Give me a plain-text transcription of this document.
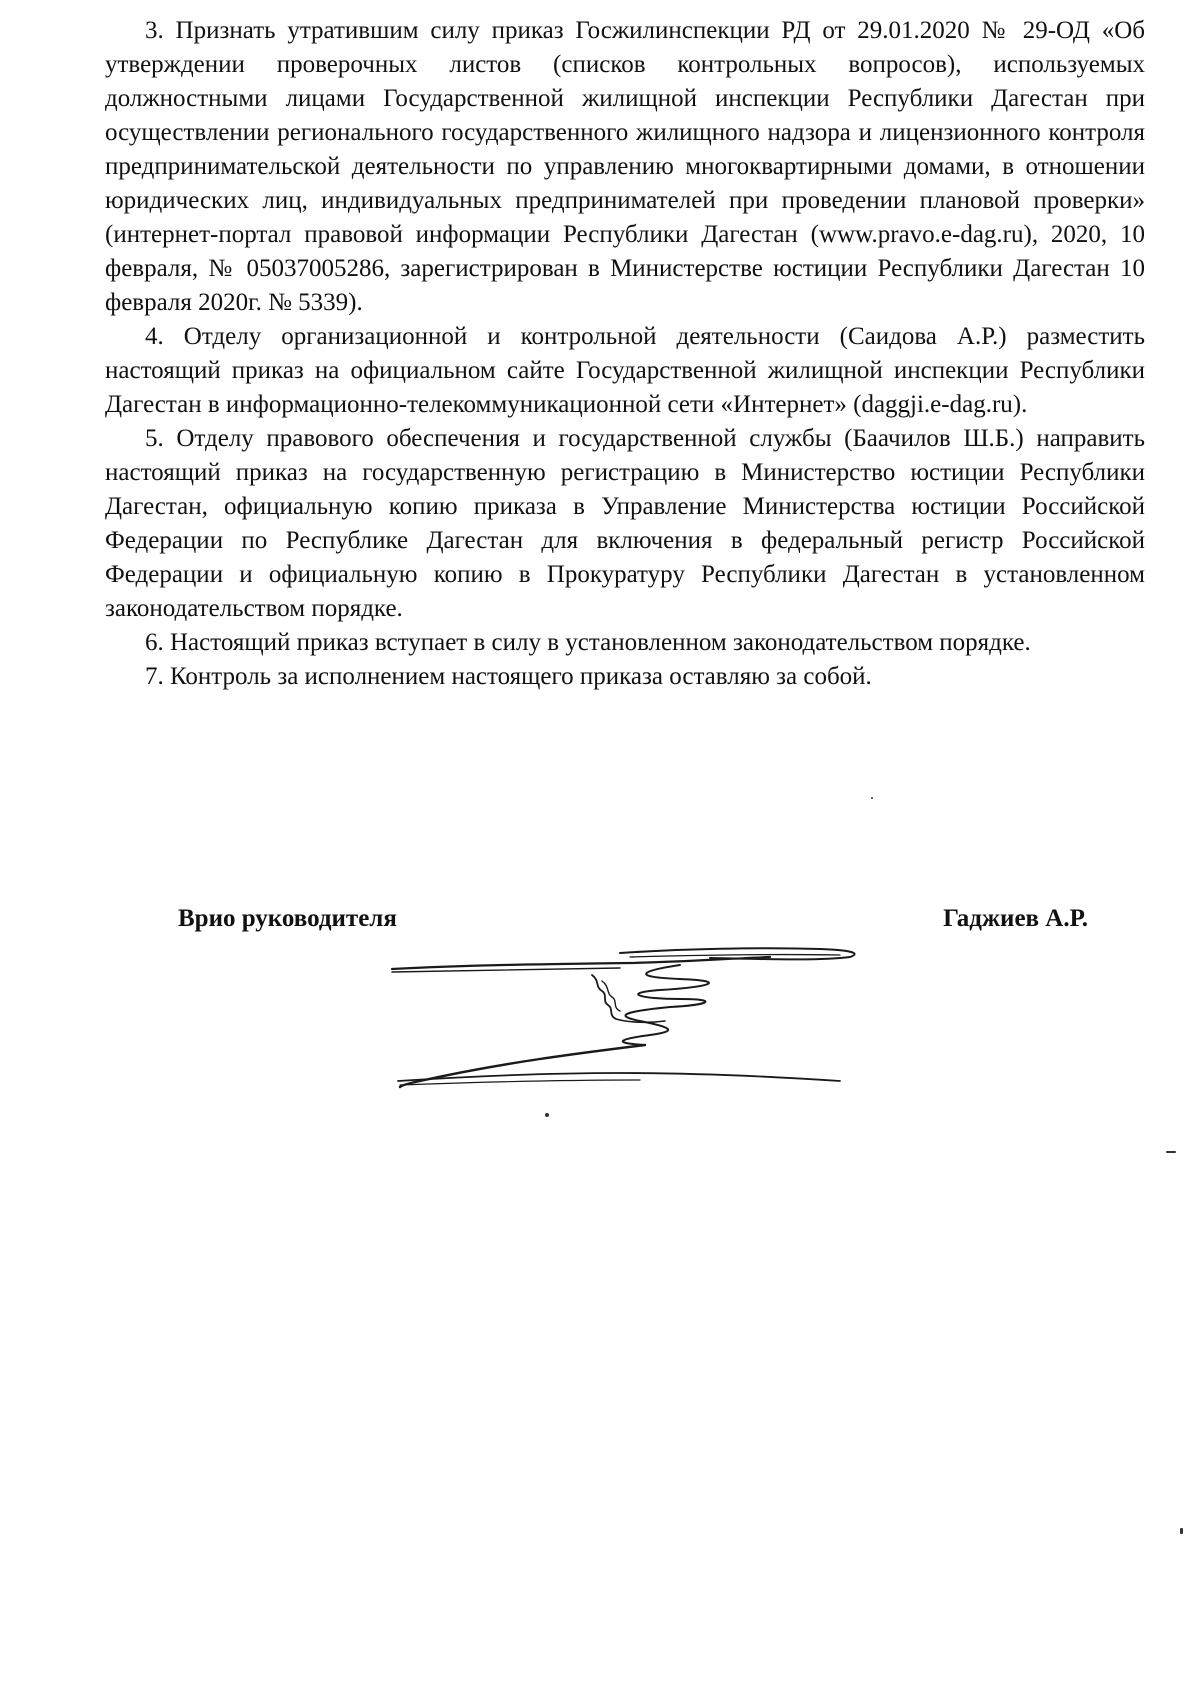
3. Признать утратившим силу приказ Госжилинспекции РД от 29.01.2020 № 29-ОД «Об утверждении проверочных листов (списков контрольных вопросов), используемых должностными лицами Государственной жилищной инспекции Республики Дагестан при осуществлении регионального государственного жилищного надзора и лицензионного контроля предпринимательской деятельности по управлению многоквартирными домами, в отношении юридических лиц, индивидуальных предпринимателей при проведении плановой проверки» (интернет-портал правовой информации Республики Дагестан (www.pravo.e-dag.ru), 2020, 10 февраля, № 05037005286, зарегистрирован в Министерстве юстиции Республики Дагестан 10 февраля 2020г. № 5339).

4. Отделу организационной и контрольной деятельности (Саидова А.Р.) разместить настоящий приказ на официальном сайте Государственной жилищной инспекции Республики Дагестан в информационно-телекоммуникационной сети «Интернет» (daggji.e-dag.ru).

5. Отделу правового обеспечения и государственной службы (Баачилов Ш.Б.) направить настоящий приказ на государственную регистрацию в Министерство юстиции Республики Дагестан, официальную копию приказа в Управление Министерства юстиции Российской Федерации по Республике Дагестан для включения в федеральный регистр Российской Федерации и официальную копию в Прокуратуру Республики Дагестан в установленном законодательством порядке.

6. Настоящий приказ вступает в силу в установленном законодательством порядке.

7. Контроль за исполнением настоящего приказа оставляю за собой.

Врио руководителя	Гаджиев А.Р.
